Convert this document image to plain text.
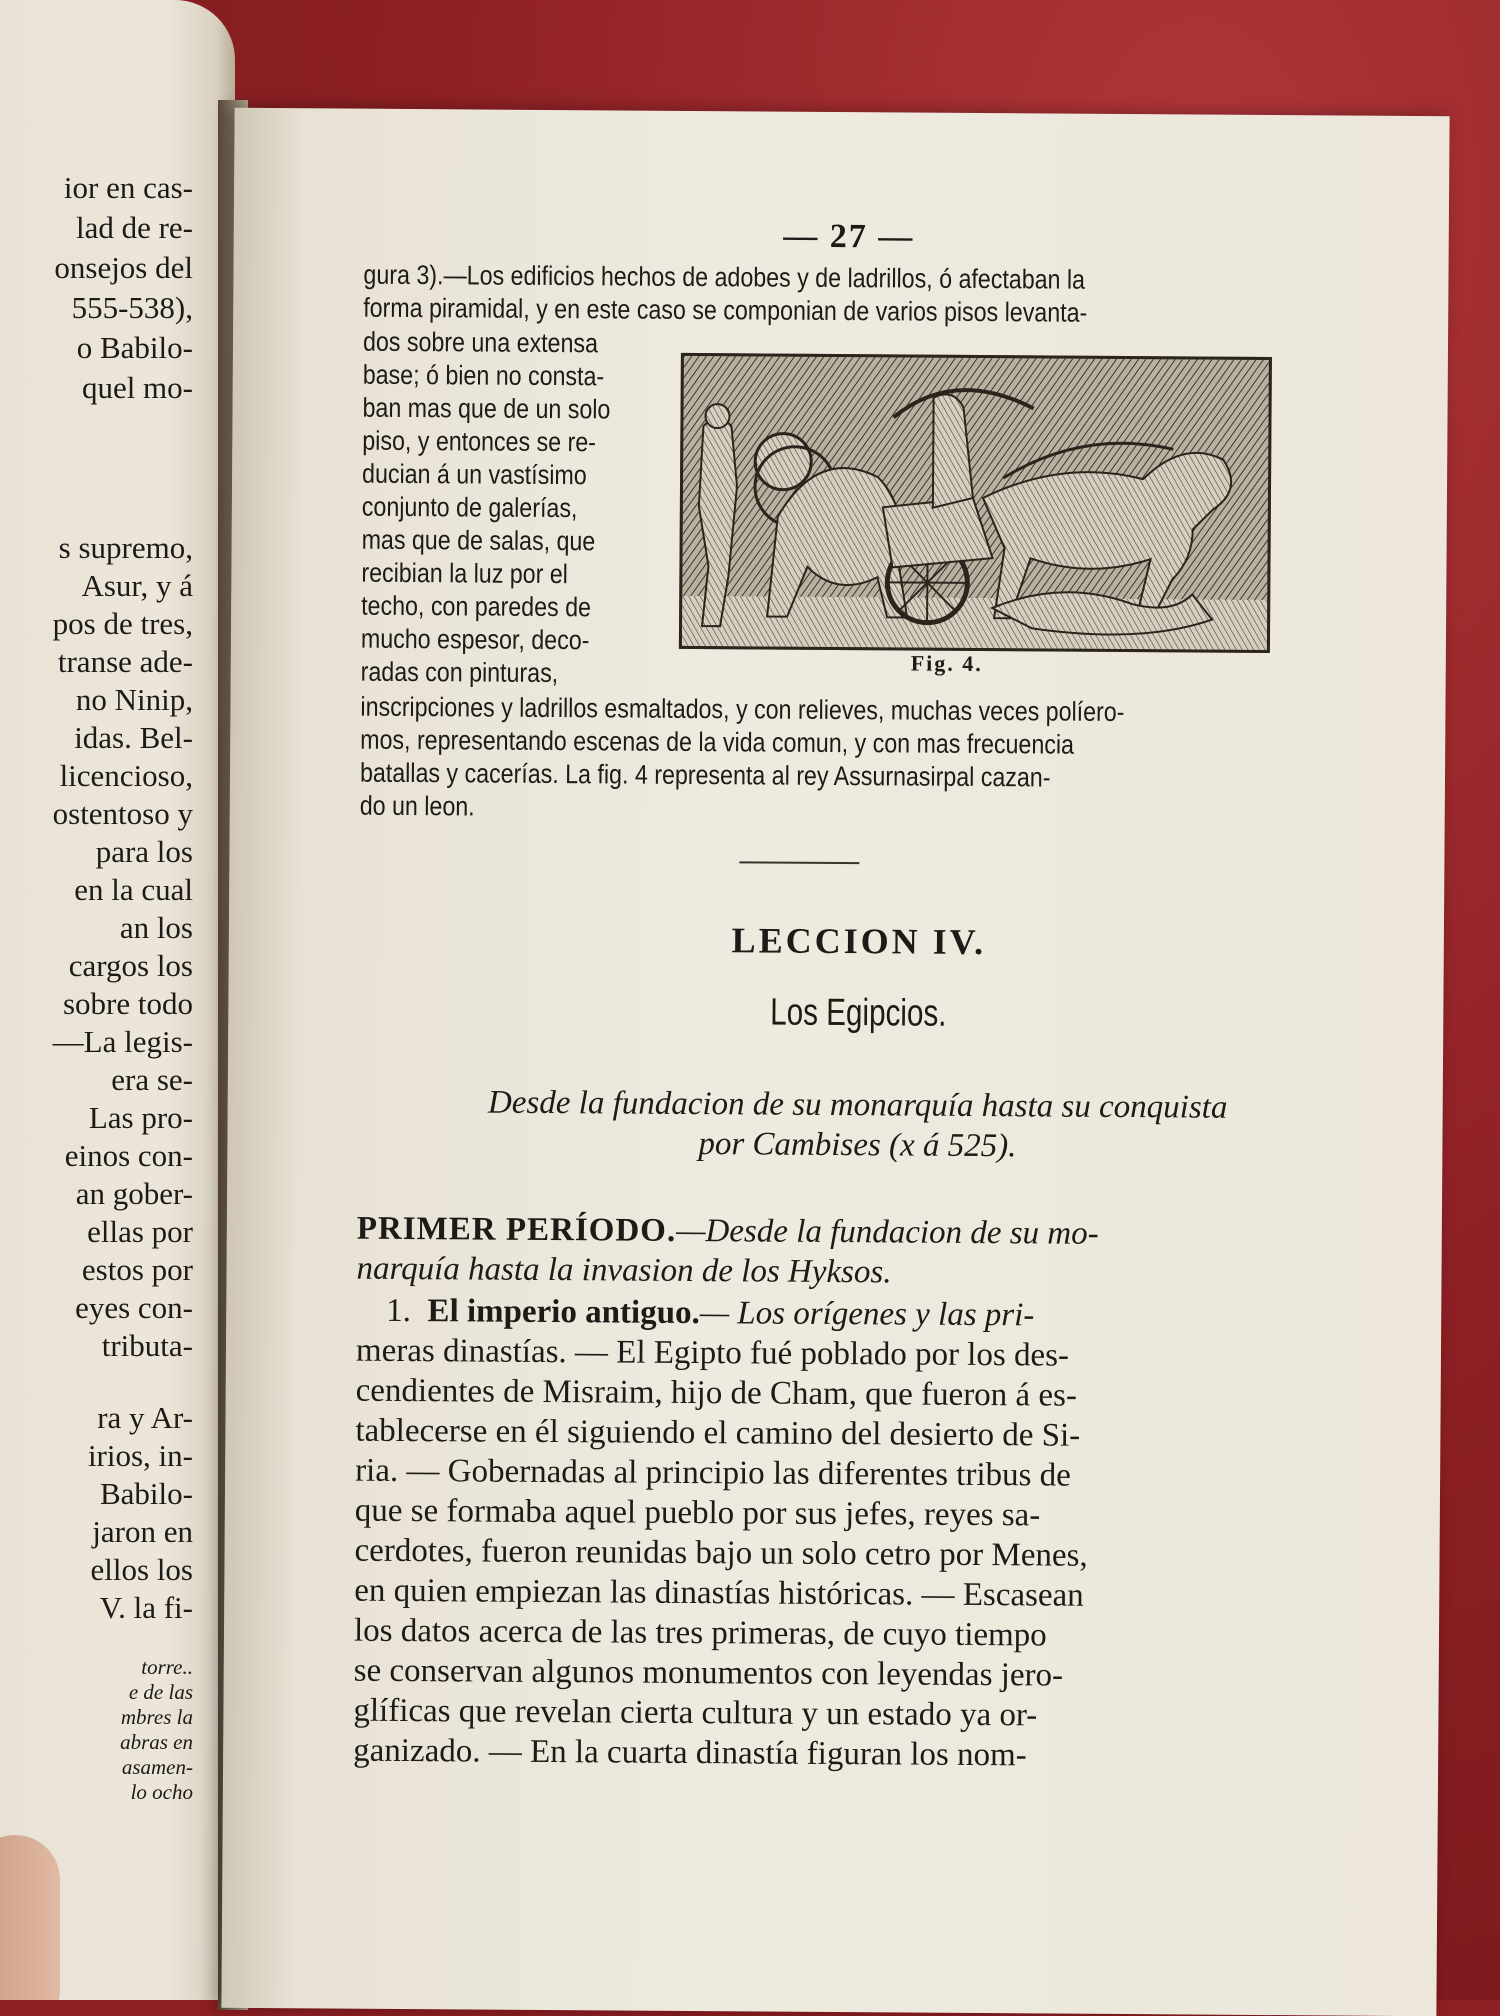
ior en cas-
lad de re-
onsejos del
555-538),
o Babilo-
quel mo-
s supremo,
Asur, y á
pos de tres,
transe ade-
no Ninip,
idas. Bel-
licencioso,
ostentoso y
para los
en la cual
an los
cargos los
sobre todo
—La legis-
era se-
Las pro-
einos con-
an gober-
ellas por
estos por
eyes con-
tributa-
ra y Ar-
irios, in-
Babilo-
jaron en
ellos los
V. la fi-
torre..
e de las
mbres la
abras en
asamen-
lo ocho
— 27 —
gura 3).—Los edificios hechos de adobes y de ladrillos, ó afectaban la
forma piramidal, y en este caso se componian de varios pisos levanta-
dos sobre una extensa
base; ó bien no consta-
ban mas que de un solo
piso, y entonces se re-
ducian á un vastísimo
conjunto de galerías,
mas que de salas, que
recibian la luz por el
techo, con paredes de
mucho espesor, deco-
radas con pinturas,	Fig. 4.
inscripciones y ladrillos esmaltados, y con relieves, muchas veces políero-
mos, representando escenas de la vida comun, y con mas frecuencia
batallas y cacerías. La fig. 4 representa al rey Assurnasirpal cazan-
do un leon.
LECCION IV.
Los Egipcios.
Desde la fundacion de su monarquía hasta su conquista
por Cambises (x á 525).
PRIMER PERÍODO.—Desde la fundacion de su mo-
narquía hasta la invasion de los Hyksos.
1. El imperio antiguo.— Los orígenes y las pri-
meras dinastías. — El Egipto fué poblado por los des-
cendientes de Misraim, hijo de Cham, que fueron á es-
tablecerse en él siguiendo el camino del desierto de Si-
ria. — Gobernadas al principio las diferentes tribus de
que se formaba aquel pueblo por sus jefes, reyes sa-
cerdotes, fueron reunidas bajo un solo cetro por Menes,
en quien empiezan las dinastías históricas. — Escasean
los datos acerca de las tres primeras, de cuyo tiempo
se conservan algunos monumentos con leyendas jero-
glíficas que revelan cierta cultura y un estado ya or-
ganizado. — En la cuarta dinastía figuran los nom-
